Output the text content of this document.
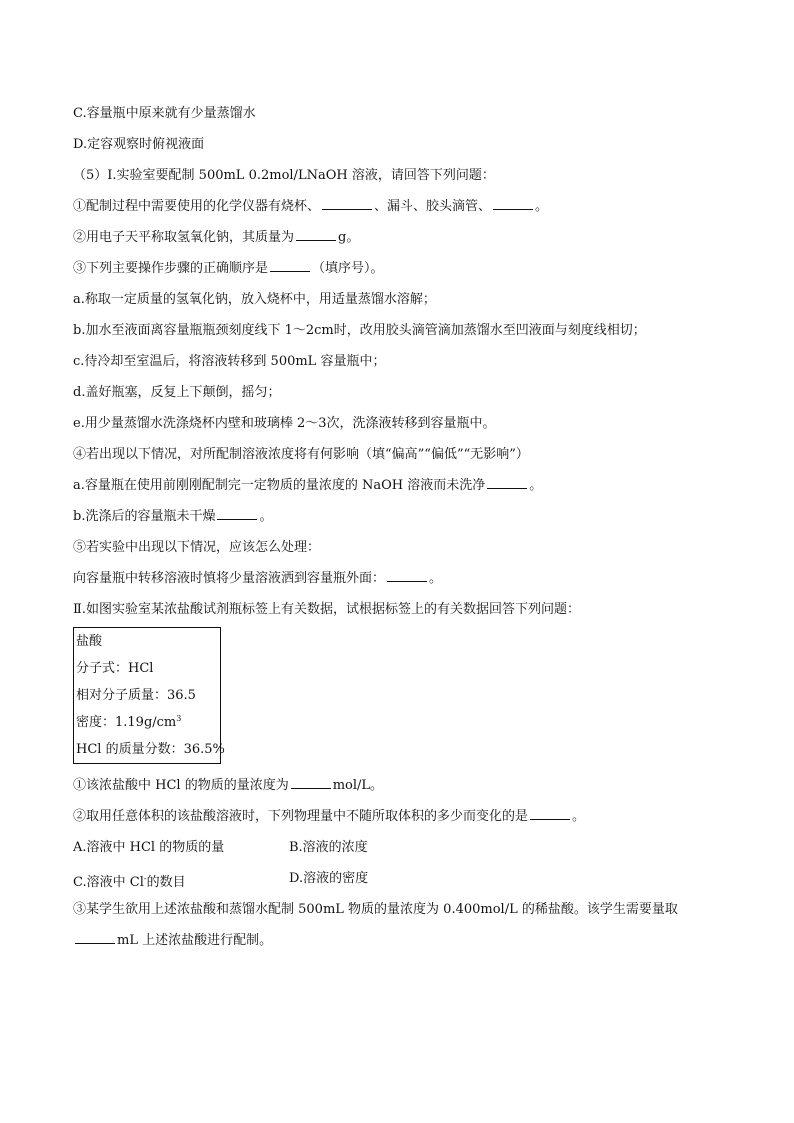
C.容量瓶中原来就有少量蒸馏水
D.定容观察时俯视液面
（5）Ⅰ.实验室要配制 500mL 0.2mol/LNaOH 溶液，请回答下列问题：
①配制过程中需要使用的化学仪器有烧杯、	、漏斗、胶头滴管、	。
②用电子天平称取氢氧化钠，其质量为	g。
③下列主要操作步骤的正确顺序是	（填序号）。
a.称取一定质量的氢氧化钠，放入烧杯中，用适量蒸馏水溶解；
b.加水至液面离容量瓶瓶颈刻度线下 1～2cm时，改用胶头滴管滴加蒸馏水至凹液面与刻度线相切；
c.待冷却至室温后，将溶液转移到 500mL 容量瓶中；
d.盖好瓶塞，反复上下颠倒，摇匀；
e.用少量蒸馏水洗涤烧杯内壁和玻璃棒 2～3次，洗涤液转移到容量瓶中。
④若出现以下情况，对所配制溶液浓度将有何影响（填“偏高”“偏低”“无影响”）
a.容量瓶在使用前刚刚配制完一定物质的量浓度的 NaOH 溶液而未洗净	。
b.洗涤后的容量瓶未干燥	。
⑤若实验中出现以下情况，应该怎么处理：
向容量瓶中转移溶液时慎将少量溶液洒到容量瓶外面：	。
Ⅱ.如图实验室某浓盐酸试剂瓶标签上有关数据，试根据标签上的有关数据回答下列问题：
盐酸
分子式：HCl
相对分子质量：36.5
密度：$1.19g/cm^3$
HCl 的质量分数：36.5%
①该浓盐酸中 HCl 的物质的量浓度为	mol/L。
②取用任意体积的该盐酸溶液时，下列物理量中不随所取体积的多少而变化的是	。
A.溶液中 HCl 的物质的量	B.溶液的浓度
C.溶液中 Cl-的数目	D.溶液的密度
③某学生欲用上述浓盐酸和蒸馏水配制 500mL 物质的量浓度为 0.400mol/L 的稀盐酸。该学生需要量取
mL 上述浓盐酸进行配制。
